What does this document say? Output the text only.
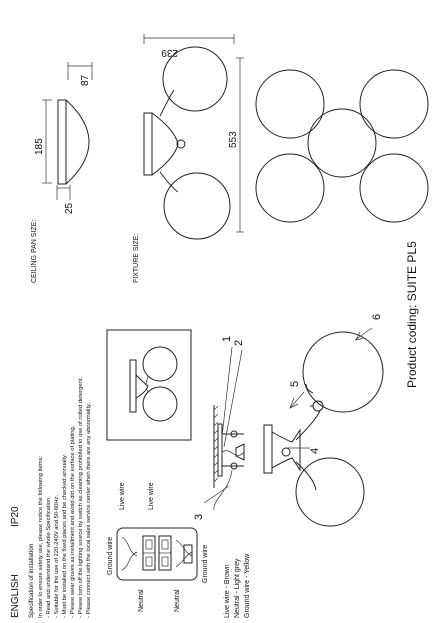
ENGLISH
IP20
Specification of installation In order to ensure safety use, please notice the following items: - Read and understand the whole Specification. - Suitable for the use of 220-240V and 50-60Hz. - Must be installed on the fixed places and be checked annually. - Please wear gloves as installment and avoid dirt on the surface of plating. - Please turn off the lighting source by switch as cleaning prohibited to use of rotted detergent. - Please connect with the local sales service center when there are any abnormality. Ground wire
Live wire	Live wire
Neutral	Neutral
Ground wire
Live wire - Brown Neutral - Light grey Ground wire - Yellow
1
2
3
4
5
6
CEILING PAN SIZE:
185
25
87
FIXTURE SIZE:
239
553
Product coding: SUITE PL5
